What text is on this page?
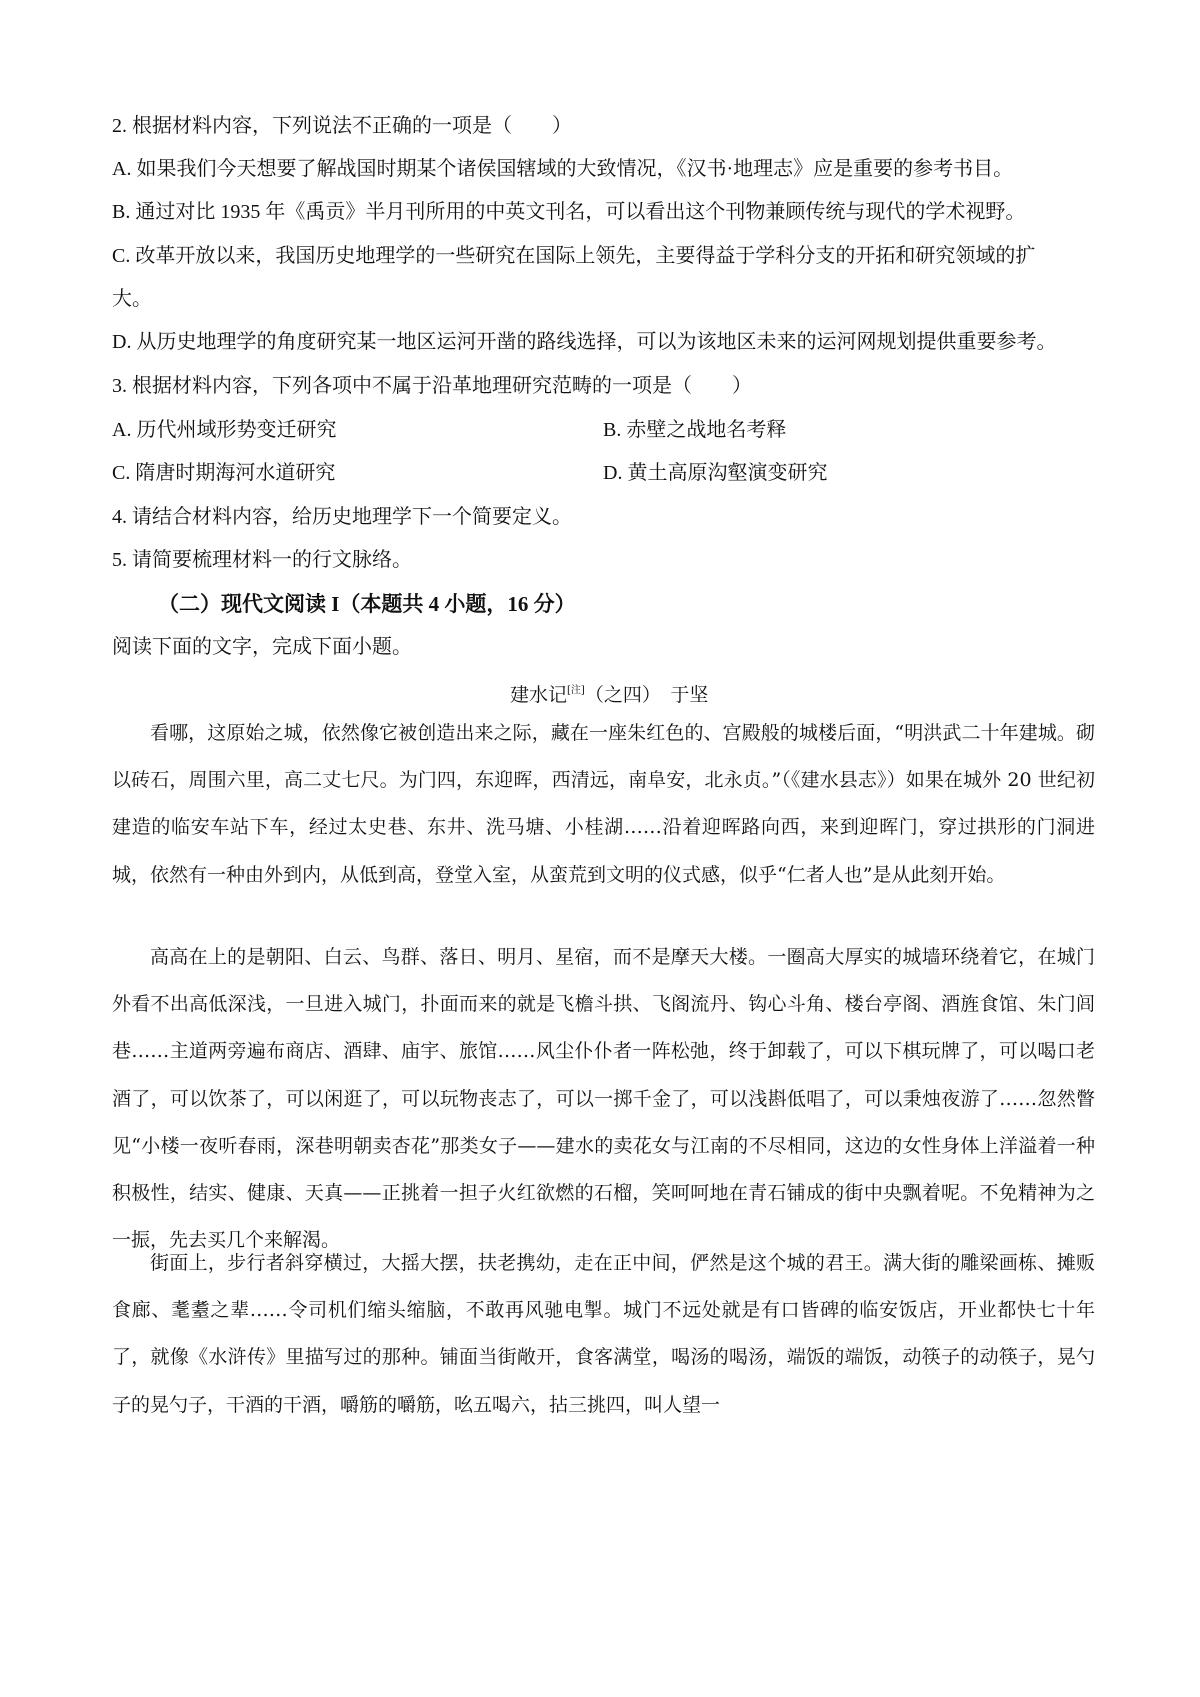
2. 根据材料内容，下列说法不正确的一项是（　　）
A. 如果我们今天想要了解战国时期某个诸侯国辖域的大致情况，《汉书·地理志》应是重要的参考书目。
B. 通过对比 1935 年《禹贡》半月刊所用的中英文刊名，可以看出这个刊物兼顾传统与现代的学术视野。
C. 改革开放以来，我国历史地理学的一些研究在国际上领先，主要得益于学科分支的开拓和研究领域的扩
大。
D. 从历史地理学的角度研究某一地区运河开凿的路线选择，可以为该地区未来的运河网规划提供重要参考。
3. 根据材料内容，下列各项中不属于沿革地理研究范畴的一项是（　　）
A. 历代州域形势变迁研究	B. 赤壁之战地名考释
C. 隋唐时期海河水道研究	D. 黄土高原沟壑演变研究
4. 请结合材料内容，给历史地理学下一个简要定义。
5. 请简要梳理材料一的行文脉络。
（二）现代文阅读 I（本题共 4 小题，16 分）
阅读下面的文字，完成下面小题。
建水记[注]（之四）　于坚

看哪，这原始之城，依然像它被创造出来之际，藏在一座朱红色的、宫殿般的城楼后面，“明洪武二十年建城。砌以砖石，周围六里，高二丈七尺。为门四，东迎晖，西清远，南阜安，北永贞。”（《建水县志》）如果在城外 20 世纪初建造的临安车站下车，经过太史巷、东井、洗马塘、小桂湖……沿着迎晖路向西，来到迎晖门，穿过拱形的门洞进城，依然有一种由外到内，从低到高，登堂入室，从蛮荒到文明的仪式感，似乎“仁者人也”是从此刻开始。

高高在上的是朝阳、白云、鸟群、落日、明月、星宿，而不是摩天大楼。一圈高大厚实的城墙环绕着它，在城门外看不出高低深浅，一旦进入城门，扑面而来的就是飞檐斗拱、飞阁流丹、钩心斗角、楼台亭阁、酒旌食馆、朱门闾巷……主道两旁遍布商店、酒肆、庙宇、旅馆……风尘仆仆者一阵松弛，终于卸载了，可以下棋玩牌了，可以喝口老酒了，可以饮茶了，可以闲逛了，可以玩物丧志了，可以一掷千金了，可以浅斟低唱了，可以秉烛夜游了……忽然瞥见“小楼一夜听春雨，深巷明朝卖杏花”那类女子——建水的卖花女与江南的不尽相同，这边的女性身体上洋溢着一种积极性，结实、健康、天真——正挑着一担子火红欲燃的石榴，笑呵呵地在青石铺成的街中央飘着呢。不免精神为之一振，先去买几个来解渴。

街面上，步行者斜穿横过，大摇大摆，扶老携幼，走在正中间，俨然是这个城的君王。满大街的雕梁画栋、摊贩食廊、耄耋之辈……令司机们缩头缩脑，不敢再风驰电掣。城门不远处就是有口皆碑的临安饭店，开业都快七十年了，就像《水浒传》里描写过的那种。铺面当街敞开，食客满堂，喝汤的喝汤，端饭的端饭，动筷子的动筷子，晃勺子的晃勺子，干酒的干酒，嚼筋的嚼筋，吆五喝六，拈三挑四，叫人望一
